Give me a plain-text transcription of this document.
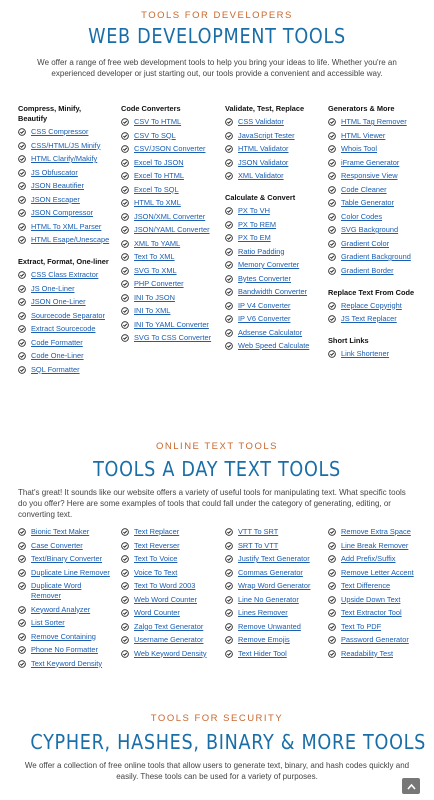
TOOLS FOR DEVELOPERS
WEB DEVELOPMENT TOOLS
We offer a range of free web development tools to help you bring your ideas to life. Whether you're an experienced developer or just starting out, our tools provide a convenient and accessible way.
Compress, Minify, Beautify
CSS Compressor
CSS/HTML/JS Minify
HTML Clarify/Makify
JS Obfuscator
JSON Beautifier
JSON Escaper
JSON Compressor
HTML To XML Parser
HTML Esape/Unescape
Extract, Format, One-liner
CSS Class Extractor
JS One-Liner
JSON One-Liner
Sourcecode Separator
Extract Sourcecode
Code Formatter
Code One-Liner
SQL Formatter
Code Converters
CSV To HTML
CSV To SQL
CSV/JSON Converter
Excel To JSON
Excel To HTML
Excel To SQL
HTML To XML
JSON/XML Converter
JSON/YAML Converter
XML To YAML
Text To XML
SVG To XML
PHP Converter
INI To JSON
INI To XML
INI To YAML Converter
SVG To CSS Converter
Validate, Test, Replace
CSS Validator
JavaScript Tester
HTML Validator
JSON Validator
XML Validator
Calculate & Convert
PX To VH
PX To REM
PX To EM
Ratio Padding
Memory Converter
Bytes Converter
Bandwidth Converter
IP V4 Converter
IP V6 Converter
Adsense Calculator
Web Speed Calculate
Generators & More
HTML Tag Remover
HTML Viewer
Whois Tool
iFrame Generator
Responsive View
Code Cleaner
Table Generator
Color Codes
SVG Background
Gradient Color
Gradient Background
Gradient Border
Replace Text From Code
Replace Copyright
JS Text Replacer
Short Links
Link Shortener
ONLINE TEXT TOOLS
TOOLS A DAY TEXT TOOLS
That's great! It sounds like our website offers a variety of useful tools for manipulating text. What specific tools do you offer? Here are some examples of tools that could fall under the category of generating, editing, or converting text.
Bionic Text Maker
Case Converter
Text/Binary Converter
Duplicate Line Remover
Duplicate Word Remover
Keyword Analyzer
List Sorter
Remove Containing
Phone No Formatter
Text Keyword Density
Text Replacer
Text Reverser
Text To Voice
Voice To Text
Text To Word 2003
Web Word Counter
Word Counter
Zalgo Text Generator
Username Generator
Web Keyword Density
VTT To SRT
SRT To VTT
Justify Text Generator
Commas Generator
Wrap Word Generator
Line No Generator
Lines Remover
Remove Unwanted
Remove Emojis
Text Hider Tool
Remove Extra Space
Line Break Remover
Add Prefix/Suffix
Remove Letter Accent
Text Difference
Upside Down Text
Text Extractor Tool
Text To PDF
Password Generator
Readability Test
TOOLS FOR SECURITY
CYPHER, HASHES, BINARY & MORE TOOLS
We offer a collection of free online tools that allow users to generate text, binary, and hash codes quickly and easily. These tools can be used for a variety of purposes.
